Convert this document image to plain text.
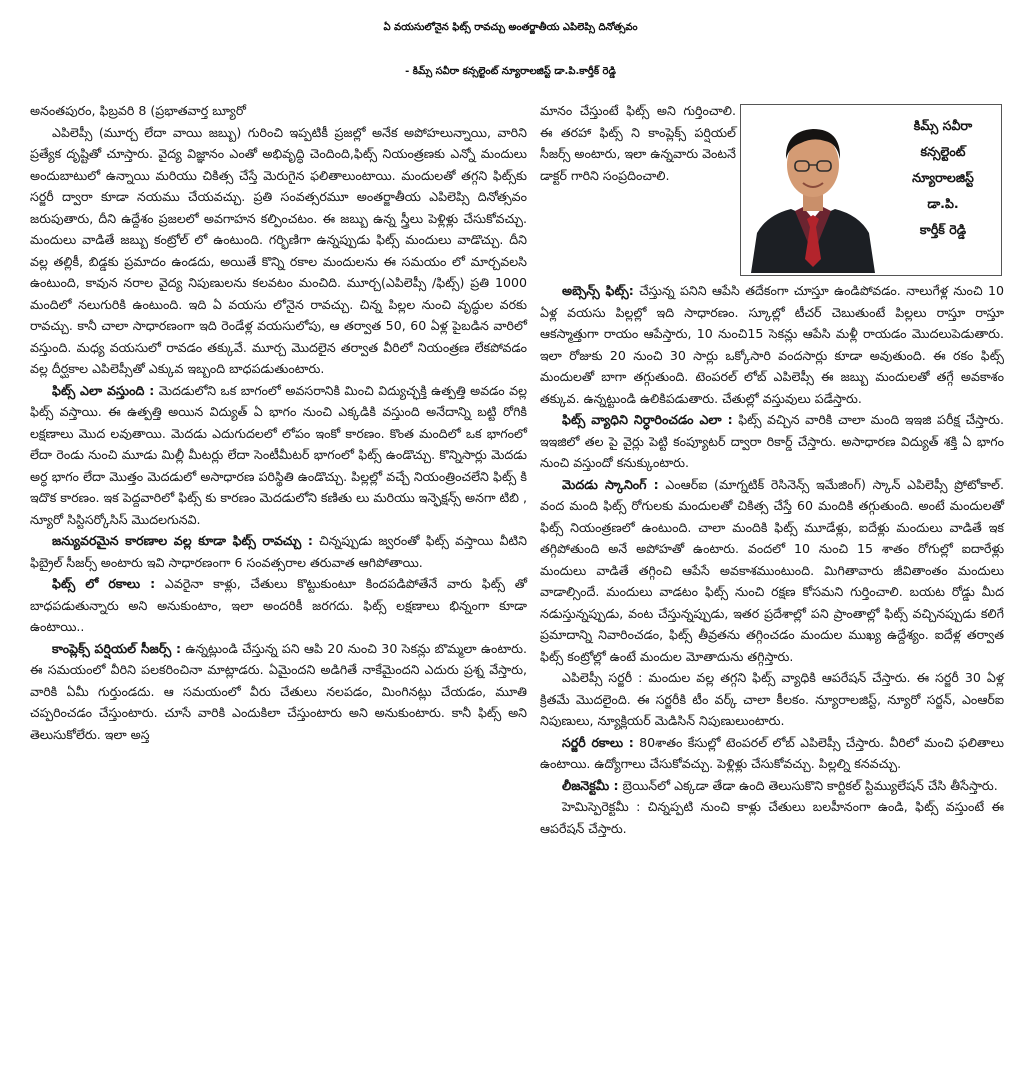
ఏ వయసులోనైన ఫిట్స్ రావచ్చు అంతర్జాతీయ ఎపిలెప్సి దినోత్సవం
- కిమ్స్ సవీరా కన్సల్టెంట్ న్యూరాలజిస్ట్ డా.పి.కార్తీక్ రెడ్డి

అనంతపురం, ఫిబ్రవరి 8 (ప్రభాతవార్త బ్యూరో

ఎపిలెప్సీ (మూర్చ లేదా వాయి జబ్బు) గురించి ఇప్పటికీ ప్రజల్లో అనేక అపోహలున్నాయి, వారిని ప్రత్యేక దృష్టితో చూస్తారు. వైద్య విజ్ఞానం ఎంతో అభివృద్ధి చెందింది,ఫిట్స్ నియంత్రణకు ఎన్నో మందులు అందుబాటులో ఉన్నాయి మరియు చికిత్స చేస్తే మెరుగైన ఫలితాలుంటాయి. మందులతో తగ్గని ఫిట్స్‌కు సర్జరీ ద్వారా కూడా నయము చేయవచ్చు. ప్రతి సంవత్సరమూ అంతర్జాతీయ ఎపిలెప్సి దినోత్సవం జరుపుతారు, దీని ఉద్దేశం ప్రజలలో అవగాహన కల్పించటం. ఈ జబ్బు ఉన్న స్త్రీలు పెళ్లిళ్లు చేసుకోవచ్చు. మందులు వాడితే జబ్బు కంట్రోల్ లో ఉంటుంది. గర్భిణిగా ఉన్నప్పుడు ఫిట్స్ మందులు వాడొచ్చు. దీని వల్ల తల్లికీ, బిడ్డకు ప్రమాదం ఉండదు, అయితే కొన్ని రకాల మందులను ఈ సమయం లో మార్చవలసి ఉంటుంది, కావున నరాల వైద్య నిపుణులను కలవటం మంచిది. మూర్చ(ఎపిలెప్సీ /ఫిట్స్) ప్రతి 1000 మందిలో నలుగురికి ఉంటుంది. ఇది ఏ వయసు లోనైన రావచ్చు. చిన్న పిల్లల నుంచి వృద్ధుల వరకు రావచ్చు. కానీ చాలా సాధారణంగా ఇది రెండేళ్ల వయసులోపు, ఆ తర్వాత 50, 60 ఏళ్ల పైబడిన వారిలో వస్తుంది. మధ్య వయసులో రావడం తక్కువే. మూర్చ మొదలైన తర్వాత వీరిలో నియంత్రణ లేకపోవడం వల్ల దీర్ఘకాల ఎపిలెప్సీతో ఎక్కువ ఇబ్బంది బాధపడుతుంటారు.

ఫిట్స్ ఎలా వస్తుంది : మెదడులోని ఒక బాగంలో అవసరానికి మించి విద్యుచ్ఛక్తి ఉత్పత్తి అవడం వల్ల ఫిట్స్ వస్తాయి. ఈ ఉత్పత్తి అయిన విద్యుత్ ఏ భాగం నుంచి ఎక్కడికి వస్తుంది అనేదాన్ని బట్టి రోగికి లక్షణాలు మొద లవుతాయి. మెదడు ఎదుగుదలలో లోపం ఇంకో కారణం. కొంత మందిలో ఒక భాగంలో లేదా రెండు నుంచి మూడు మిల్లీ మీటర్లు లేదా సెంటీమీటర్ భాగంలో ఫిట్స్ ఉండొచ్చు. కొన్నిసార్లు మెదడు అర్ధ భాగం లేదా మొత్తం మెదడులో అసాధారణ పరిస్థితి ఉండొచ్చు. పిల్లల్లో వచ్చే నియంత్రించలేని ఫిట్స్ కి ఇదొక కారణం. ఇక పెద్దవారిలో ఫిట్స్ కు కారణం మెదడులోని కణితు లు మరియు ఇన్ఫెక్షన్స్ అనగా టిబి , న్యూరో సిస్టిసర్కోసిస్ మొదలగునవి.

జన్యువరమైన కారణాల వల్ల కూడా ఫిట్స్ రావచ్చు : చిన్నప్పుడు జ్వరంతో ఫిట్స్ వస్తాయి వీటిని ఫిబ్రైల్ సీజర్స్ అంటారు ఇవి సాధారణంగా 6 సంవత్సరాల తరువాత ఆగిపోతాయి.

ఫిట్స్ లో రకాలు : ఎవరైనా కాళ్లు, చేతులు కొట్టుకుంటూ కిందపడిపోతేనే వారు ఫిట్స్ తో బాధపడుతున్నారు అని అనుకుంటాం, ఇలా అందరికీ జరగదు. ఫిట్స్ లక్షణాలు భిన్నంగా కూడా ఉంటాయి..

కాంప్లెక్స్ పర్షియల్ సీజర్స్ : ఉన్నట్లుండి చేస్తున్న పని ఆపి 20 నుంచి 30 సెకన్లు బొమ్మలా ఉంటారు. ఈ సమయంలో వీరిని పలకరించినా మాట్లాడరు. ఏమైందని అడిగితే నాకేమైందని ఎదురు ప్రశ్న వేస్తారు, వారికి ఏమీ గుర్తుండదు. ఆ సమయంలో వీరు చేతులు నలపడం, మింగినట్లు చేయడం, మూతి చప్పరించడం చేస్తుంటారు. చూసే వారికి ఎందుకిలా చేస్తుంటారు అని అనుకుంటారు. కానీ ఫిట్స్ అని తెలుసుకోలేరు. ఇలా అస్త

మానం చేస్తుంటే ఫిట్స్ అని గుర్తించాలి. ఈ తరహా ఫిట్స్ ని కాంప్లెక్స్ పర్షియల్ సీజర్స్ అంటారు, ఇలా ఉన్నవారు వెంటనే డాక్టర్ గారిని సంప్రదించాలి.

కిమ్స్ సవీరా
కన్సల్టెంట్
న్యూరాలజిస్ట్
డా.పి.
కార్తీక్ రెడ్డి

అబ్సెన్స్ ఫిట్స్: చేస్తున్న పనిని ఆపేసి తదేకంగా చూస్తూ ఉండిపోవడం. నాలుగేళ్ల నుంచి 10 ఏళ్ల వయసు పిల్లల్లో ఇది సాధారణం. స్కూల్లో టీచర్ చెబుతుంటే పిల్లలు రాస్తూ రాస్తూ ఆకస్మాత్తుగా రాయం ఆపేస్తారు, 10 నుంచి15 సెకన్లు ఆపేసి మళ్లీ రాయడం మొదలుపెడుతారు. ఇలా రోజుకు 20 నుంచి 30 సార్లు ఒక్కోసారి వందసార్లు కూడా అవుతుంది. ఈ రకం ఫిట్స్ మందులతో బాగా తగ్గుతుంది. టెంపరల్ లోబ్ ఎపిలెప్సీ ఈ జబ్బు మందులతో తగ్గే అవకాశం తక్కువ. ఉన్నట్టుండి ఉలికిపడుతారు. చేతుల్లో వస్తువులు పడేస్తారు.

ఫిట్స్ వ్యాధిని నిర్ధారించడం ఎలా : ఫిట్స్ వచ్చిన వారికి చాలా మంది ఇఇజి పరీక్ష చేస్తారు. ఇఇజిలో తల పై వైర్లు పెట్టి కంప్యూటర్ ద్వారా రికార్డ్ చేస్తారు. అసాధారణ విద్యుత్ శక్తి ఏ భాగం నుంచి వస్తుందో కనుక్కుంటారు.

మెదడు స్కానింగ్ : ఎంఆర్ఐ (మాగ్నటిక్ రెసినెన్స్ ఇమేజింగ్) స్కాన్ ఎపిలెప్సీ ప్రోటోకాల్. వంద మంది ఫిట్స్ రోగులకు మందులతో చికిత్స చేస్తే 60 మందికి తగ్గుతుంది. అంటే మందులతో ఫిట్స్ నియంత్రణలో ఉంటుంది. చాలా మందికి ఫిట్స్ మూడేళ్లు, ఐదేళ్లు మందులు వాడితే ఇక తగ్గిపోతుంది అనే అపోహతో ఉంటారు. వందలో 10 నుంచి 15 శాతం రోగుల్లో ఐదారేళ్లు మందులు వాడితే తగ్గించి ఆపేసే అవకాశముంటుంది. మిగితావారు జీవితాంతం మందులు వాడాల్సిందే. మందులు వాడటం ఫిట్స్ నుంచి రక్షణ కోసమని గుర్తించాలి. బయట రోడ్డు మీద నడుస్తున్నప్పుడు, వంట చేస్తున్నప్పుడు, ఇతర ప్రదేశాల్లో పని ప్రాంతాల్లో ఫిట్స్ వచ్చినప్పుడు కలిగే ప్రమాదాన్ని నివారించడం, ఫిట్స్ తీవ్రతను తగ్గించడం మందుల ముఖ్య ఉద్దేశ్యం. ఐదేళ్ల తర్వాత ఫిట్స్ కంట్రోల్లో ఉంటే మందుల మోతాదును తగ్గిస్తారు.

ఎపిలెప్సీ సర్జరీ : మందుల వల్ల తగ్గని ఫిట్స్ వ్యాధికి ఆపరేషన్ చేస్తారు. ఈ సర్జరీ 30 ఏళ్ల క్రితమే మొదలైంది. ఈ సర్జరీకి టీం వర్క్ చాలా కీలకం. న్యూరాలజిస్ట్, న్యూరో సర్జన్, ఎంఆర్ఐ నిపుణులు, న్యూక్లియర్ మెడిసిన్ నిపుణులుంటారు.

సర్జరీ రకాలు : 80శాతం కేసుల్లో టెంపరల్ లోబ్ ఎపిలెప్సీ చేస్తారు. వీరిలో మంచి ఫలితాలు ఉంటాయి. ఉద్యోగాలు చేసుకోవచ్చు. పెళ్లిళ్లు చేసుకోవచ్చు. పిల్లల్ని కనవచ్చు.

లీజనెక్టమీ : బ్రెయిన్‌లో ఎక్కడా తేడా ఉంది తెలుసుకొని కార్టికల్ స్టిమ్యులేషన్ చేసి తీసేస్తారు.

హెమిస్పెరెక్టమీ : చిన్నప్పటి నుంచి కాళ్లు చేతులు బలహీనంగా ఉండి, ఫిట్స్ వస్తుంటే ఈ ఆపరేషన్ చేస్తారు.
